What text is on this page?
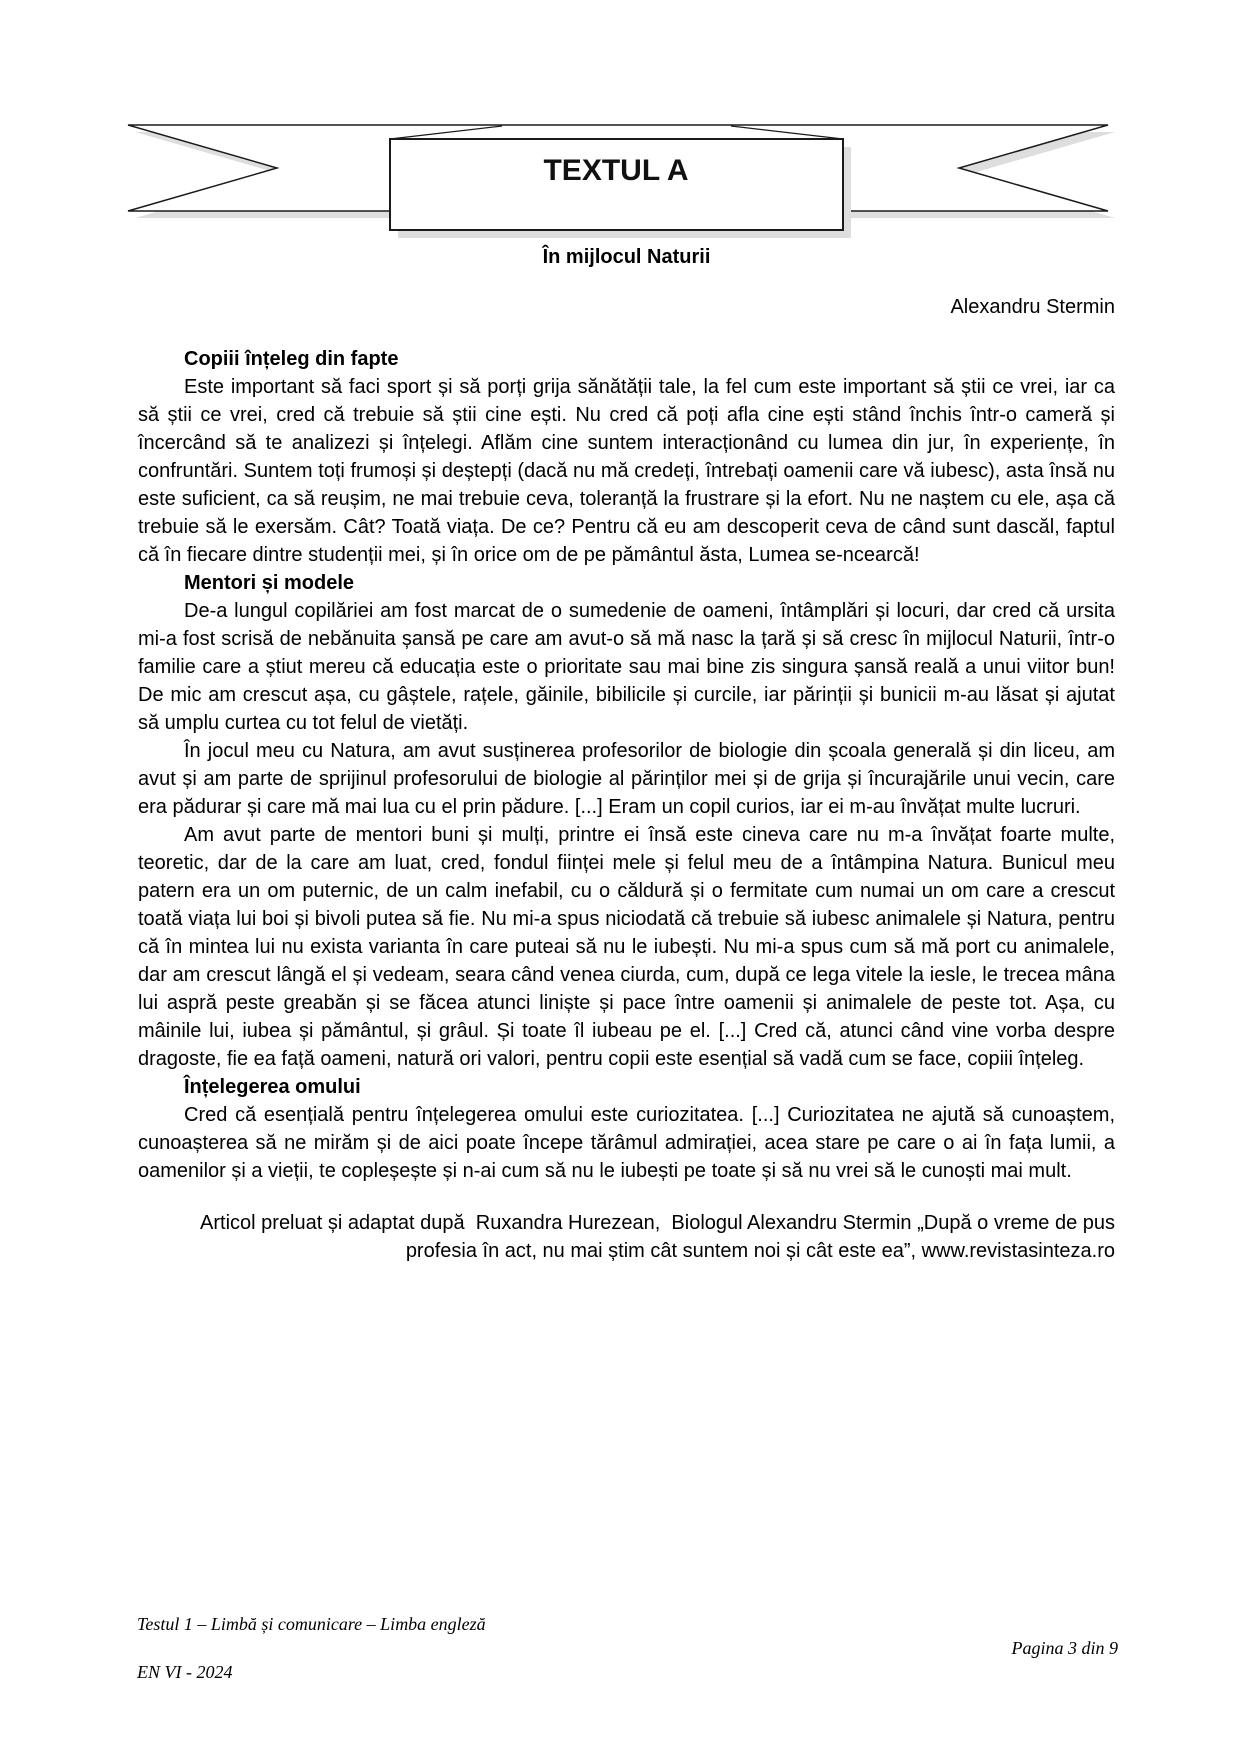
TEXTUL A
În mijlocul Naturii
Alexandru Stermin
Copiii înțeleg din fapte

Este important să faci sport și să porți grija sănătății tale, la fel cum este important să știi ce vrei, iar ca să știi ce vrei, cred că trebuie să știi cine ești. Nu cred că poți afla cine ești stând închis într-o cameră și încercând să te analizezi și înțelegi. Aflăm cine suntem interacționând cu lumea din jur, în experiențe, în confruntări. Suntem toți frumoși și deștepți (dacă nu mă credeți, întrebați oamenii care vă iubesc), asta însă nu este suficient, ca să reușim, ne mai trebuie ceva, toleranță la frustrare și la efort. Nu ne naștem cu ele, așa că trebuie să le exersăm. Cât? Toată viața. De ce? Pentru că eu am descoperit ceva de când sunt dascăl, faptul că în fiecare dintre studenții mei, și în orice om de pe pământul ăsta, Lumea se-ncearcă!

Mentori și modele

De-a lungul copilăriei am fost marcat de o sumedenie de oameni, întâmplări și locuri, dar cred că ursita mi-a fost scrisă de nebănuita șansă pe care am avut-o să mă nasc la țară și să cresc în mijlocul Naturii, într-o familie care a știut mereu că educația este o prioritate sau mai bine zis singura șansă reală a unui viitor bun! De mic am crescut așa, cu gâștele, rațele, găinile, bibilicile și curcile, iar părinții și bunicii m-au lăsat și ajutat să umplu curtea cu tot felul de vietăți.

În jocul meu cu Natura, am avut susținerea profesorilor de biologie din școala generală și din liceu, am avut și am parte de sprijinul profesorului de biologie al părinților mei și de grija și încurajările unui vecin, care era pădurar și care mă mai lua cu el prin pădure. [...] Eram un copil curios, iar ei m-au învățat multe lucruri.

Am avut parte de mentori buni și mulți, printre ei însă este cineva care nu m-a învățat foarte multe, teoretic, dar de la care am luat, cred, fondul ființei mele și felul meu de a întâmpina Natura. Bunicul meu patern era un om puternic, de un calm inefabil, cu o căldură și o fermitate cum numai un om care a crescut toată viața lui boi și bivoli putea să fie. Nu mi-a spus niciodată că trebuie să iubesc animalele și Natura, pentru că în mintea lui nu exista varianta în care puteai să nu le iubești. Nu mi-a spus cum să mă port cu animalele, dar am crescut lângă el și vedeam, seara când venea ciurda, cum, după ce lega vitele la iesle, le trecea mâna lui aspră peste greabăn și se făcea atunci liniște și pace între oamenii și animalele de peste tot. Așa, cu mâinile lui, iubea și pământul, și grâul. Și toate îl iubeau pe el. [...] Cred că, atunci când vine vorba despre dragoste, fie ea față oameni, natură ori valori, pentru copii este esențial să vadă cum se face, copiii înțeleg.

Înțelegerea omului

Cred că esențială pentru înțelegerea omului este curiozitatea. [...] Curiozitatea ne ajută să cunoaștem, cunoașterea să ne mirăm și de aici poate începe tărâmul admirației, acea stare pe care o ai în fața lumii, a oamenilor și a vieții, te copleșește și n-ai cum să nu le iubești pe toate și să nu vrei să le cunoști mai mult.

Articol preluat și adaptat după  Ruxandra Hurezean,  Biologul Alexandru Stermin „După o vreme de pus
profesia în act, nu mai știm cât suntem noi și cât este ea”, www.revistasinteza.ro
Testul 1 – Limbă și comunicare – Limba engleză
Pagina 3 din 9
EN VI - 2024
